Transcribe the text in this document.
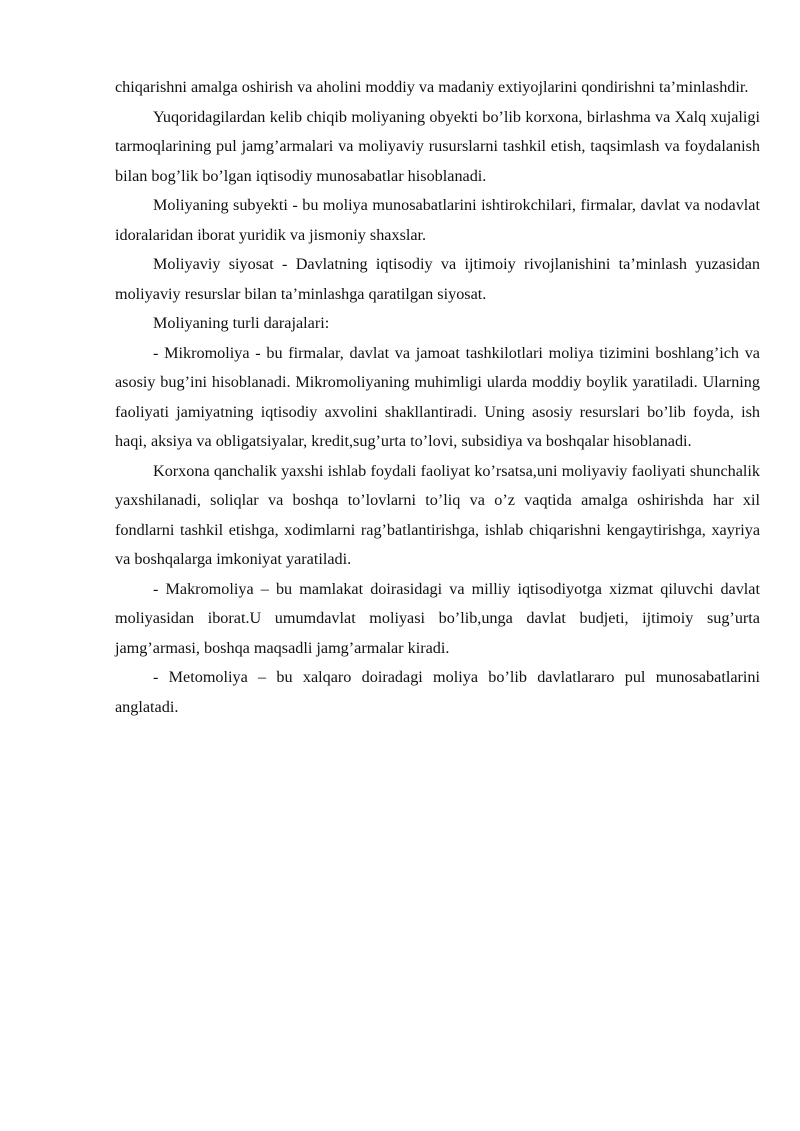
chiqarishni amalga oshirish va aholini moddiy va madaniy extiyojlarini qondirishni ta’minlashdir.

Yuqoridagilardan kelib chiqib moliyaning obyekti bo’lib korxona, birlashma va Xalq xujaligi tarmoqlarining pul jamg’armalari va moliyaviy rusurslarni tashkil etish, taqsimlash va foydalanish bilan bog’lik bo’lgan iqtisodiy munosabatlar hisoblanadi.

Moliyaning subyekti - bu moliya munosabatlarini ishtirokchilari, firmalar, davlat va nodavlat idoralaridan iborat yuridik va jismoniy shaxslar.

Moliyaviy siyosat - Davlatning iqtisodiy va ijtimoiy rivojlanishini ta’minlash yuzasidan moliyaviy resurslar bilan ta’minlashga qaratilgan siyosat.

Moliyaning turli darajalari:

- Mikromoliya - bu firmalar, davlat va jamoat tashkilotlari moliya tizimini boshlang’ich va asosiy bug’ini hisoblanadi. Mikromoliyaning muhimligi ularda moddiy boylik yaratiladi. Ularning faoliyati jamiyatning iqtisodiy axvolini shakllantiradi. Uning asosiy resurslari bo’lib foyda, ish haqi, aksiya va obligatsiyalar, kredit,sug’urta to’lovi, subsidiya va boshqalar hisoblanadi.

Korxona qanchalik yaxshi ishlab foydali faoliyat ko’rsatsa,uni moliyaviy faoliyati shunchalik yaxshilanadi, soliqlar va boshqa to’lovlarni to’liq va o’z vaqtida amalga oshirishda har xil fondlarni tashkil etishga, xodimlarni rag’batlantirishga, ishlab chiqarishni kengaytirishga, xayriya va boshqalarga imkoniyat yaratiladi.

- Makromoliya – bu mamlakat doirasidagi va milliy iqtisodiyotga xizmat qiluvchi davlat moliyasidan iborat.U umumdavlat moliyasi bo’lib,unga davlat budjeti, ijtimoiy sug’urta jamg’armasi, boshqa maqsadli jamg’armalar kiradi.

- Metomoliya – bu xalqaro doiradagi moliya bo’lib davlatlararo pul munosabatlarini anglatadi.
